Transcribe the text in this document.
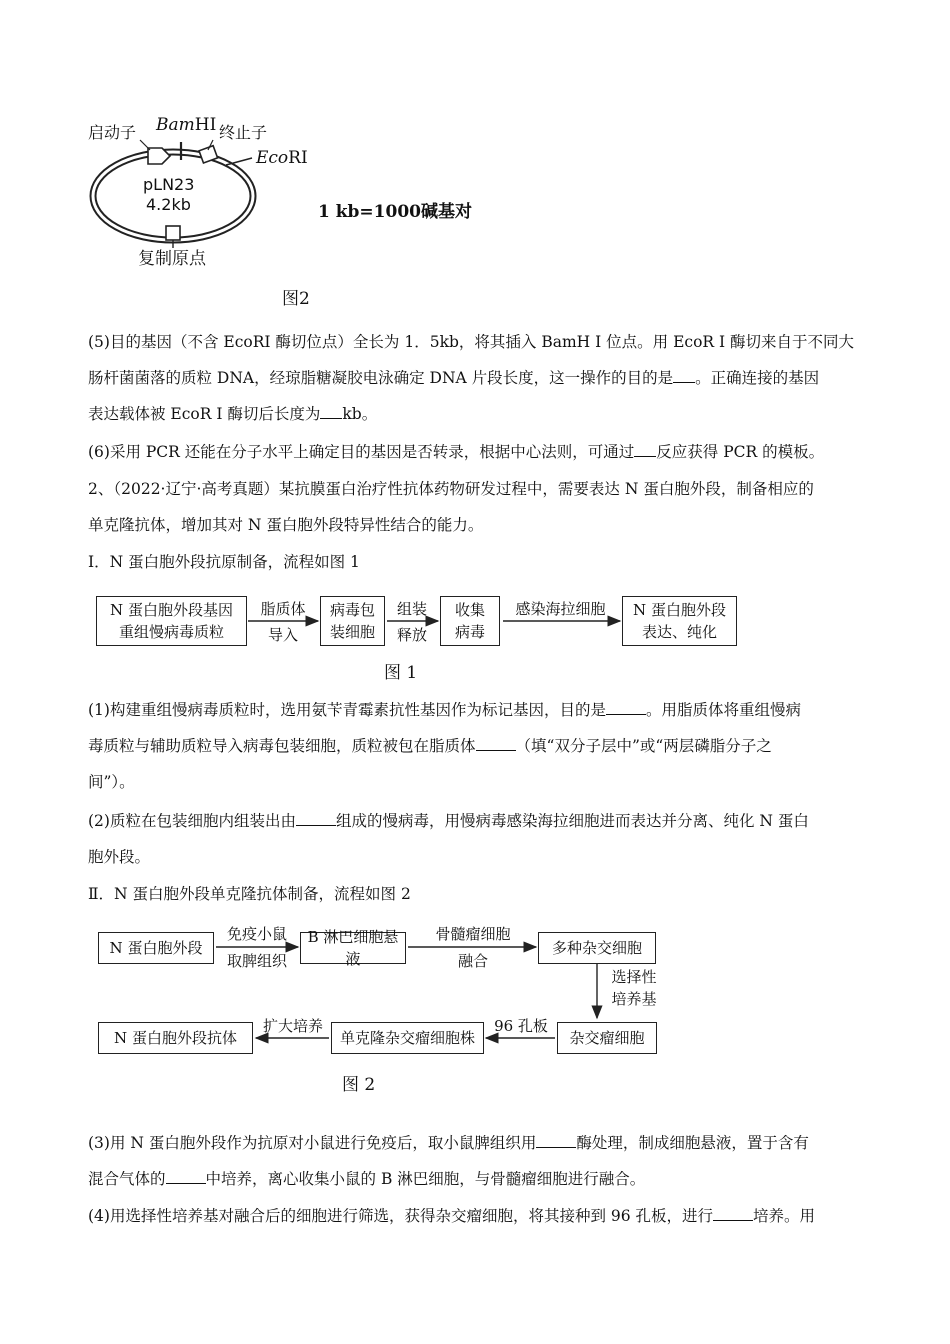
启动子 BamHⅠ 终止子
EcoRⅠ
pLN23
4.2kb
复制原点
1 kb=1000碱基对
图2
(5)目的基因（不含 EcoRI 酶切位点）全长为 1．5kb，将其插入 BamH I 位点。用 EcoR I 酶切来自于不同大
肠杆菌菌落的质粒 DNA，经琼脂糖凝胶电泳确定 DNA 片段长度，这一操作的目的是 。正确连接的基因
表达载体被 EcoR I 酶切后长度为 kb。
(6)采用 PCR 还能在分子水平上确定目的基因是否转录，根据中心法则，可通过 反应获得 PCR 的模板。
2、（2022·辽宁·高考真题）某抗膜蛋白治疗性抗体药物研发过程中，需要表达 N 蛋白胞外段，制备相应的
单克隆抗体，增加其对 N 蛋白胞外段特异性结合的能力。
I．N 蛋白胞外段抗原制备，流程如图 1
N 蛋白胞外段基因
重组慢病毒质粒
脂质体
导入
病毒包
装细胞
组装
释放
收集
病毒
感染海拉细胞	N 蛋白胞外段
表达、纯化
图 1
(1)构建重组慢病毒质粒时，选用氨苄青霉素抗性基因作为标记基因，目的是	。用脂质体将重组慢病
毒质粒与辅助质粒导入病毒包装细胞，质粒被包在脂质体	（填“双分子层中”或“两层磷脂分子之
间”）。
(2)质粒在包装细胞内组装出由	组成的慢病毒，用慢病毒感染海拉细胞进而表达并分离、纯化 N 蛋白
胞外段。
Ⅱ．N 蛋白胞外段单克隆抗体制备，流程如图 2
N 蛋白胞外段
免疫小鼠
取脾组织
B 淋巴细胞悬液
骨髓瘤细胞
融合
多种杂交细胞
选择性
培养基
杂交瘤细胞
96 孔板
单克隆杂交瘤细胞株
扩大培养
N 蛋白胞外段抗体
图 2
(3)用 N 蛋白胞外段作为抗原对小鼠进行免疫后，取小鼠脾组织用	酶处理，制成细胞悬液，置于含有
混合气体的	中培养，离心收集小鼠的 B 淋巴细胞，与骨髓瘤细胞进行融合。
(4)用选择性培养基对融合后的细胞进行筛选，获得杂交瘤细胞，将其接种到 96 孔板，进行	培养。用
